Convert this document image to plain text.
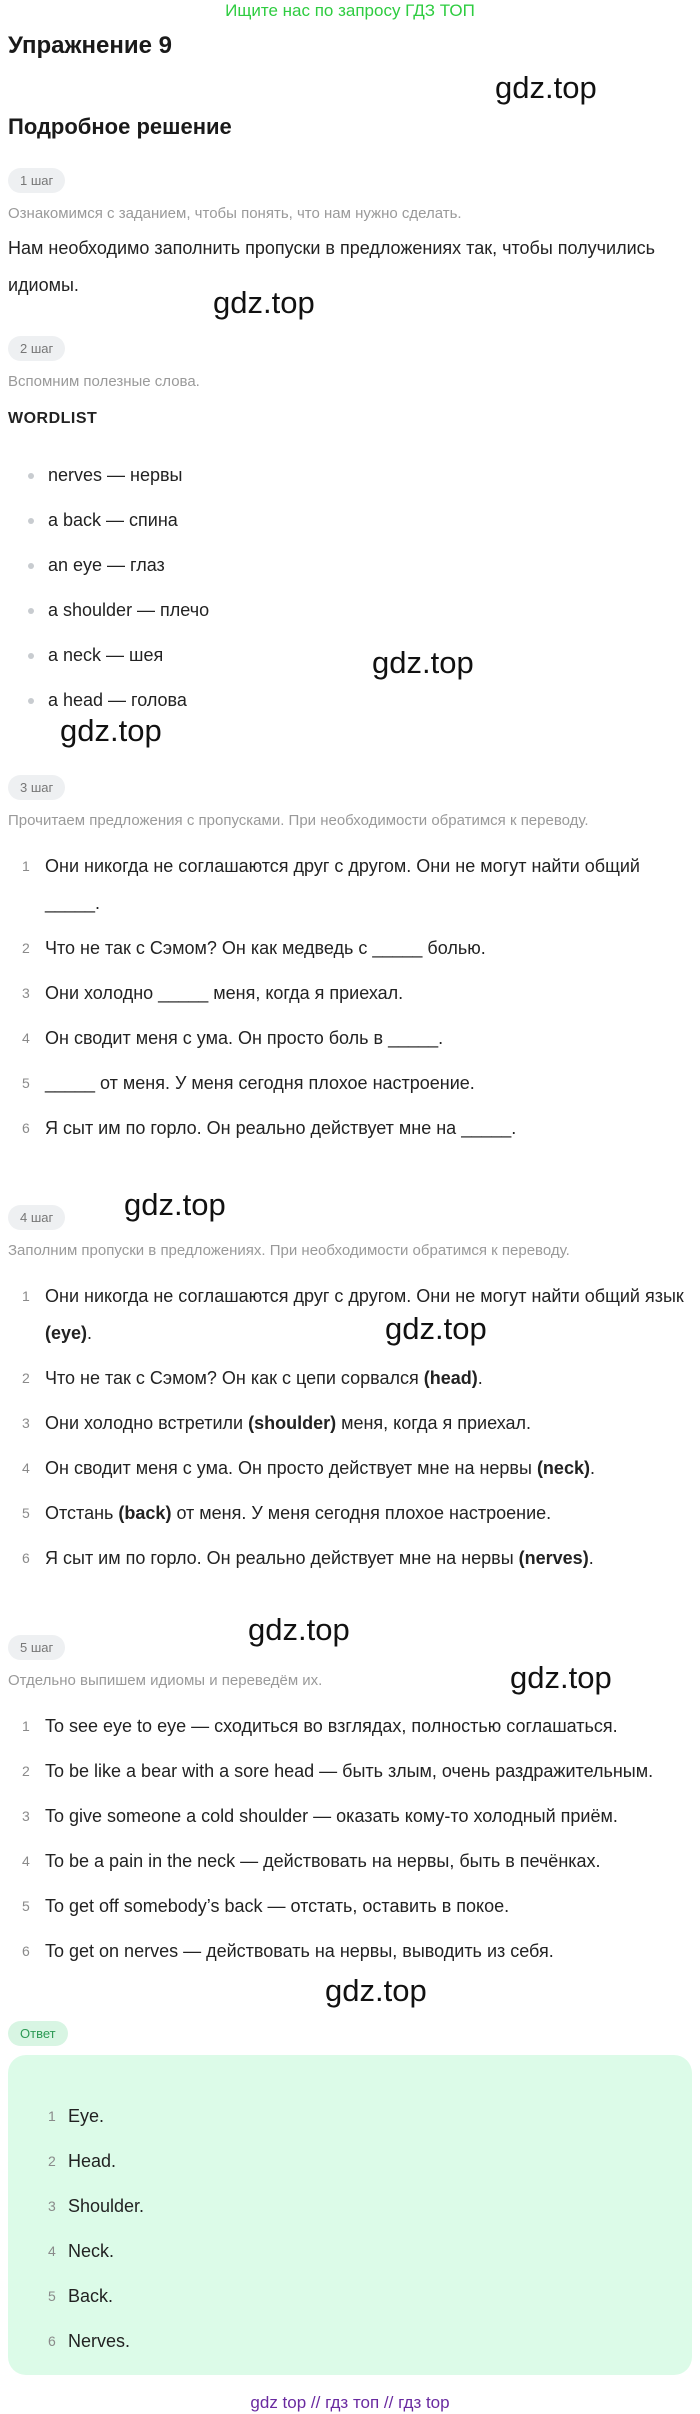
Ищите нас по запросу ГДЗ ТОП
Упражнение 9
Подробное решение
gdz.top
gdz.top
gdz.top
gdz.top
gdz.top
gdz.top
gdz.top
gdz.top
gdz.top
1 шаг
Ознакомимся с заданием, чтобы понять, что нам нужно сделать.
Нам необходимо заполнить пропуски в предложениях так, чтобы получились идиомы.
2 шаг
Вспомним полезные слова.
WORDLIST
nerves — нервы
a back — спина
an eye — глаз
a shoulder — плечо
a neck — шея
a head — голова
3 шаг
Прочитаем предложения с пропусками. При необходимости обратимся к переводу.
1 Они никогда не соглашаются друг с другом. Они не могут найти общий _____.
2 Что не так с Сэмом? Он как медведь с _____ болью.
3 Они холодно _____ меня, когда я приехал.
4 Он сводит меня с ума. Он просто боль в _____.
5 _____ от меня. У меня сегодня плохое настроение.
6 Я сыт им по горло. Он реально действует мне на _____.
4 шаг
Заполним пропуски в предложениях. При необходимости обратимся к переводу.
1 Они никогда не соглашаются друг с другом. Они не могут найти общий язык (eye).
2 Что не так с Сэмом? Он как с цепи сорвался (head).
3 Они холодно встретили (shoulder) меня, когда я приехал.
4 Он сводит меня с ума. Он просто действует мне на нервы (neck).
5 Отстань (back) от меня. У меня сегодня плохое настроение.
6 Я сыт им по горло. Он реально действует мне на нервы (nerves).
5 шаг
Отдельно выпишем идиомы и переведём их.
1 To see eye to eye — сходиться во взглядах, полностью соглашаться.
2 To be like a bear with a sore head — быть злым, очень раздражительным.
3 To give someone a cold shoulder — оказать кому-то холодный приём.
4 To be a pain in the neck — действовать на нервы, быть в печёнках.
5 To get off somebody’s back — отстать, оставить в покое.
6 To get on nerves — действовать на нервы, выводить из себя.
Ответ
1 Eye.
2 Head.
3 Shoulder.
4 Neck.
5 Back.
6 Nerves.
gdz top // гдз топ // гдз top
